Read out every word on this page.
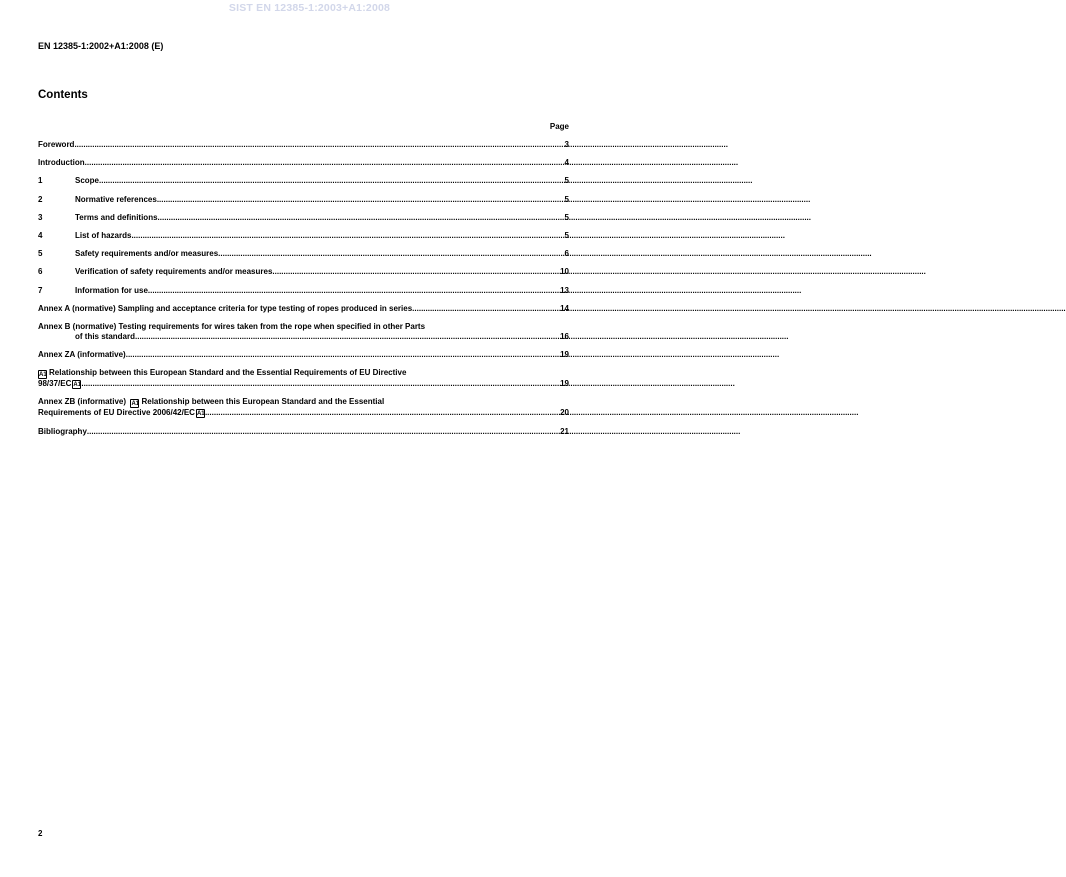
SIST EN 12385-1:2003+A1:2008
EN 12385-1:2002+A1:2008 (E)
Contents
Page
Foreword .....	3
Introduction .....	4
1	Scope .....	5
2	Normative references .....	5
3	Terms and definitions .....	5
4	List of hazards .....	5
5	Safety requirements and/or measures .....	6
6	Verification of safety requirements and/or measures .....	10
7	Information for use .....	13
Annex A (normative) Sampling and acceptance criteria for type testing of ropes produced in series .....	14
Annex B (normative) Testing requirements for wires taken from the rope when specified in other Parts
of this standard .....	16
Annex ZA (informative) .....	19
A1 Relationship between this European Standard and the Essential Requirements of EU Directive
98/37/EC A1 .....	19
Annex ZB (informative) A1 Relationship between this European Standard and the Essential
Requirements of EU Directive 2006/42/EC A1 .....	20
Bibliography .....	21
2
